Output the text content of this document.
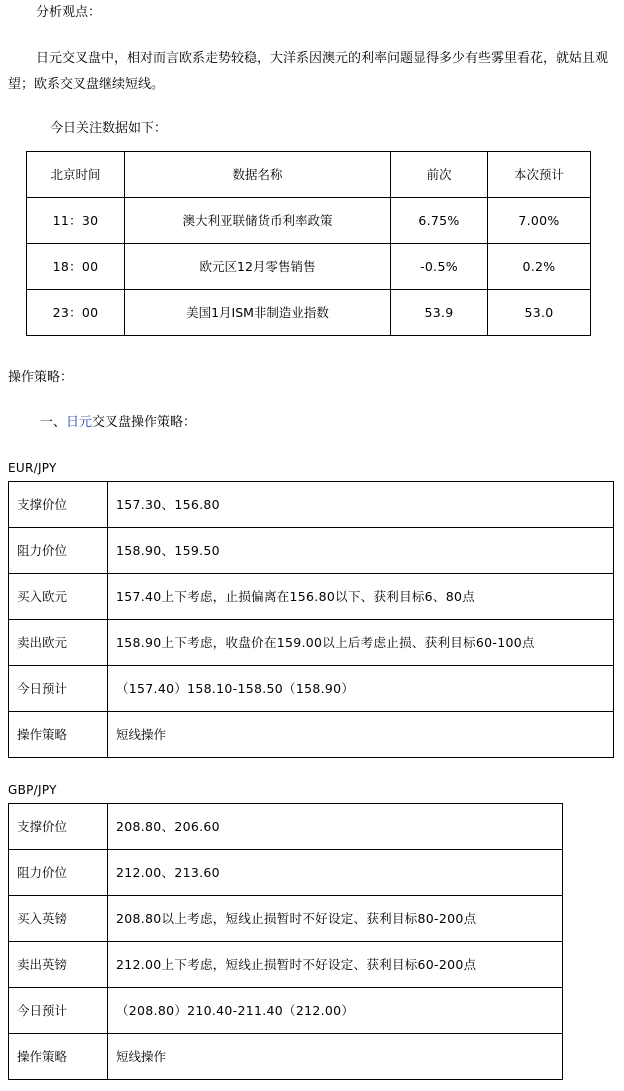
分析观点：

日元交叉盘中，相对而言欧系走势较稳，大洋系因澳元的利率问题显得多少有些雾里看花，就姑且观望；欧系交叉盘继续短线。

今日关注数据如下：

北京时间	数据名称	前次	本次预计
11：30	澳大利亚联储货币利率政策	6.75%	7.00%
18：00	欧元区12月零售销售	-0.5%	0.2%
23：00	美国1月ISM非制造业指数	53.9	53.0

操作策略：

一、日元交叉盘操作策略：

EUR/JPY

支撑价位	157.30、156.80
阻力价位	158.90、159.50
买入欧元	157.40上下考虑，止损偏离在156.80以下、获利目标6、80点
卖出欧元	158.90上下考虑，收盘价在159.00以上后考虑止损、获利目标60-100点
今日预计	（157.40）158.10-158.50（158.90）
操作策略	短线操作

GBP/JPY

支撑价位	208.80、206.60
阻力价位	212.00、213.60
买入英镑	208.80以上考虑，短线止损暂时不好设定、获利目标80-200点
卖出英镑	212.00上下考虑，短线止损暂时不好设定、获利目标60-200点
今日预计	（208.80）210.40-211.40（212.00）
操作策略	短线操作
